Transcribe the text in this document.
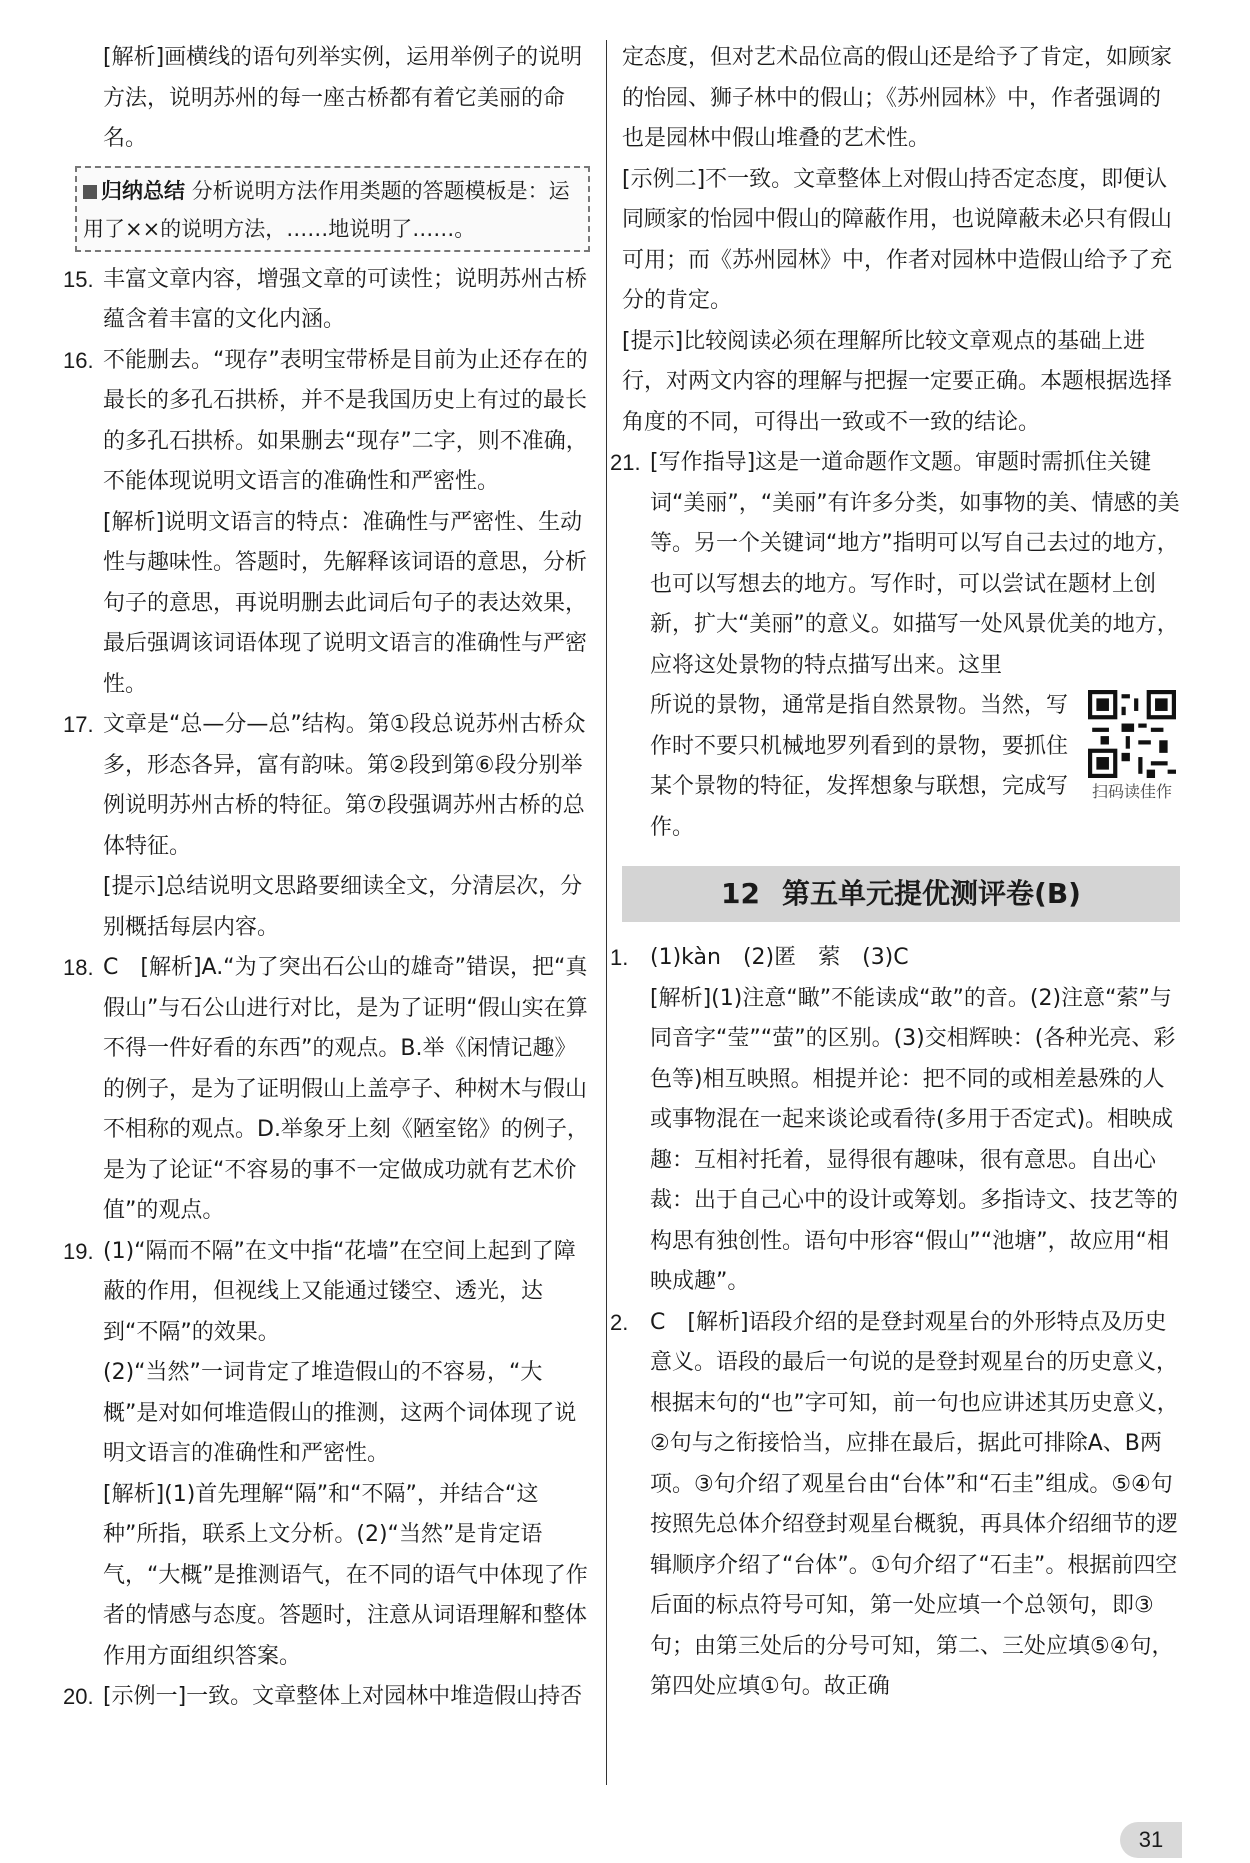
[解析]画横线的语句列举实例，运用举例子的说明方法，说明苏州的每一座古桥都有着它美丽的命名。

归纳总结 分析说明方法作用类题的答题模板是：运用了××的说明方法，……地说明了……。
15. 丰富文章内容，增强文章的可读性；说明苏州古桥蕴含着丰富的文化内涵。

16. 不能删去。“现存”表明宝带桥是目前为止还存在的最长的多孔石拱桥，并不是我国历史上有过的最长的多孔石拱桥。如果删去“现存”二字，则不准确，不能体现说明文语言的准确性和严密性。

[解析]说明文语言的特点：准确性与严密性、生动性与趣味性。答题时，先解释该词语的意思，分析句子的意思，再说明删去此词后句子的表达效果，最后强调该词语体现了说明文语言的准确性与严密性。

17. 文章是“总—分—总”结构。第①段总说苏州古桥众多，形态各异，富有韵味。第②段到第⑥段分别举例说明苏州古桥的特征。第⑦段强调苏州古桥的总体特征。

[提示]总结说明文思路要细读全文，分清层次，分别概括每层内容。

18. C　[解析]A.“为了突出石公山的雄奇”错误，把“真假山”与石公山进行对比，是为了证明“假山实在算不得一件好看的东西”的观点。B.举《闲情记趣》的例子，是为了证明假山上盖亭子、种树木与假山不相称的观点。D.举象牙上刻《陋室铭》的例子，是为了论证“不容易的事不一定做成功就有艺术价值”的观点。

19. (1)“隔而不隔”在文中指“花墙”在空间上起到了障蔽的作用，但视线上又能通过镂空、透光，达到“不隔”的效果。

(2)“当然”一词肯定了堆造假山的不容易，“大概”是对如何堆造假山的推测，这两个词体现了说明文语言的准确性和严密性。

[解析](1)首先理解“隔”和“不隔”，并结合“这种”所指，联系上文分析。(2)“当然”是肯定语气，“大概”是推测语气，在不同的语气中体现了作者的情感与态度。答题时，注意从词语理解和整体作用方面组织答案。

20. [示例一]一致。文章整体上对园林中堆造假山持否

定态度，但对艺术品位高的假山还是给予了肯定，如顾家的怡园、狮子林中的假山；《苏州园林》中，作者强调的也是园林中假山堆叠的艺术性。

[示例二]不一致。文章整体上对假山持否定态度，即便认同顾家的怡园中假山的障蔽作用，也说障蔽未必只有假山可用；而《苏州园林》中，作者对园林中造假山给予了充分的肯定。

[提示]比较阅读必须在理解所比较文章观点的基础上进行，对两文内容的理解与把握一定要正确。本题根据选择角度的不同，可得出一致或不一致的结论。

21. [写作指导]这是一道命题作文题。审题时需抓住关键词“美丽”，“美丽”有许多分类，如事物的美、情感的美等。另一个关键词“地方”指明可以写自己去过的地方，也可以写想去的地方。写作时，可以尝试在题材上创新，扩大“美丽”的意义。如描写一处风景优美的地方，应将这处景物的特点描写出来。这里

扫码读佳作

所说的景物，通常是指自然景物。当然，写作时不要只机械地罗列看到的景物，要抓住某个景物的特征，发挥想象与联想，完成写作。

12 第五单元提优测评卷(B)
1. (1)kàn　(2)匿　萦　(3)C

[解析](1)注意“瞰”不能读成“敢”的音。(2)注意“萦”与同音字“莹”“萤”的区别。(3)交相辉映：(各种光亮、彩色等)相互映照。相提并论：把不同的或相差悬殊的人或事物混在一起来谈论或看待(多用于否定式)。相映成趣：互相衬托着，显得很有趣味，很有意思。自出心裁：出于自己心中的设计或筹划。多指诗文、技艺等的构思有独创性。语句中形容“假山”“池塘”，故应用“相映成趣”。

2. C　[解析]语段介绍的是登封观星台的外形特点及历史意义。语段的最后一句说的是登封观星台的历史意义，根据末句的“也”字可知，前一句也应讲述其历史意义，②句与之衔接恰当，应排在最后，据此可排除A、B两项。③句介绍了观星台由“台体”和“石圭”组成。⑤④句按照先总体介绍登封观星台概貌，再具体介绍细节的逻辑顺序介绍了“台体”。①句介绍了“石圭”。根据前四空后面的标点符号可知，第一处应填一个总领句，即③句；由第三处后的分号可知，第二、三处应填⑤④句，第四处应填①句。故正确

31
